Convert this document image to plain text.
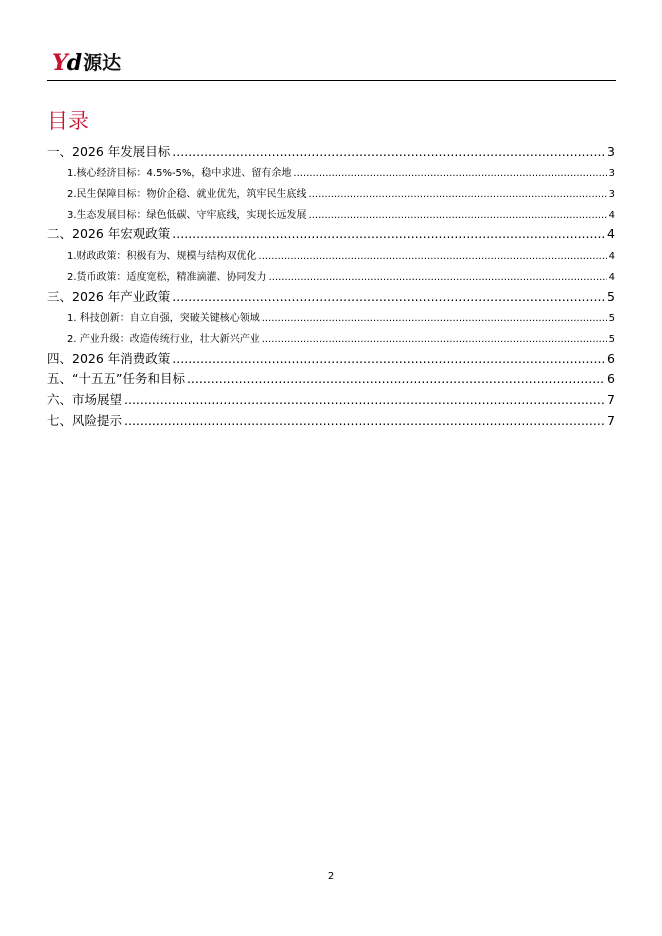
Yd 源达
目录
一、2026 年发展目标 .....	3
1.核心经济目标：4.5%-5%，稳中求进、留有余地 .....	3
2.民生保障目标：物价企稳、就业优先，筑牢民生底线 .....	3
3.生态发展目标：绿色低碳、守牢底线，实现长远发展 .....	4
二、2026 年宏观政策 .....	4
1.财政政策：积极有为、规模与结构双优化 .....	4
2.货币政策：适度宽松，精准滴灌、协同发力 .....	4
三、2026 年产业政策 .....	5
1. 科技创新：自立自强，突破关键核心领域 .....	5
2. 产业升级：改造传统行业，壮大新兴产业 .....	5
四、2026 年消费政策 .....	6
五、“十五五”任务和目标 .....	6
六、市场展望 .....	7
七、风险提示 .....	7
2
